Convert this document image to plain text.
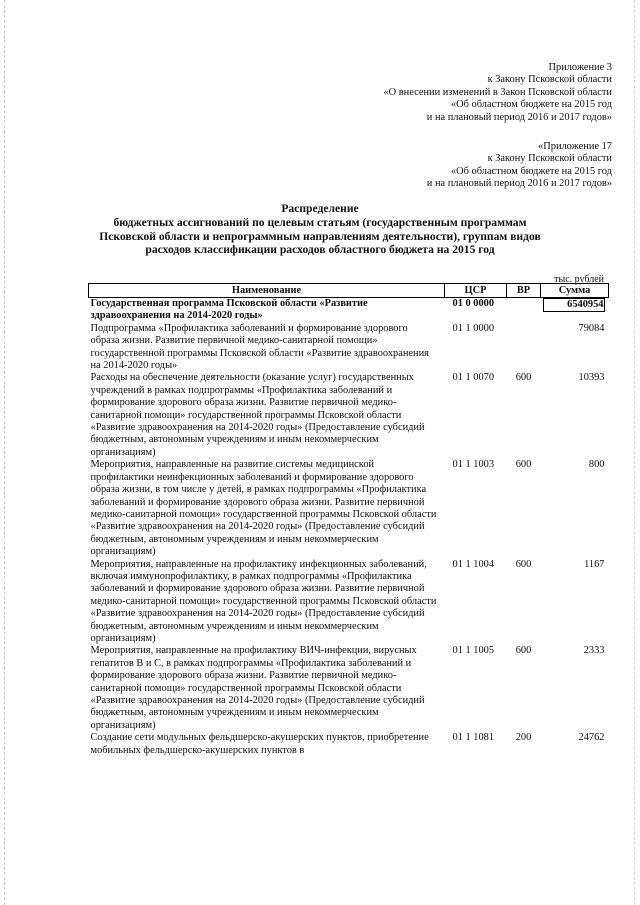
Приложение 3
к Закону Псковской области
«О внесении изменений в Закон Псковской области
«Об областном бюджете на 2015 год
и на плановый период 2016 и 2017 годов»
«Приложение 17
к Закону Псковской области
«Об областном бюджете на 2015 год
и на плановый период 2016 и 2017 годов»
Распределение
бюджетных ассигнований по целевым статьям (государственным программам
Псковской области и непрограммным направлениям деятельности), группам видов
расходов классификации расходов областного бюджета на 2015 год
тыс. рублей
Наименование	ЦСР	ВР	Сумма
Государственная программа Псковской области «Развитие здравоохранения на 2014-2020 годы»	01 0 0000		6540954

Подпрограмма «Профилактика заболеваний и формирование здорового образа жизни. Развитие первичной медико-санитарной помощи» государственной программы Псковской области «Развитие здравоохранения на 2014-2020 годы»	01 1 0000		79084
Расходы на обеспечение деятельности (оказание услуг) государственных учреждений в рамках подпрограммы «Профилактика заболеваний и формирование здорового образа жизни. Развитие первичной медико-санитарной помощи» государственной программы Псковской области «Развитие здравоохранения на 2014-2020 годы» (Предоставление субсидий бюджетным, автономным учреждениям и иным некоммерческим организациям)	01 1 0070	600	10393
Мероприятия, направленные на развитие системы медицинской профилактики неинфекционных заболеваний и формирование здорового образа жизни, в том числе у детей, в рамках подпрограммы «Профилактика заболеваний и формирование здорового образа жизни. Развитие первичной медико-санитарной помощи» государственной программы Псковской области «Развитие здравоохранения на 2014-2020 годы» (Предоставление субсидий бюджетным, автономным учреждениям и иным некоммерческим организациям)	01 1 1003	600	800
Мероприятия, направленные на профилактику инфекционных заболеваний, включая иммунопрофилактику, в рамках подпрограммы «Профилактика заболеваний и формирование здорового образа жизни. Развитие первичной медико-санитарной помощи» государственной программы Псковской области «Развитие здравоохранения на 2014-2020 годы» (Предоставление субсидий бюджетным, автономным учреждениям и иным некоммерческим организациям)	01 1 1004	600	1167
Мероприятия, направленные на профилактику ВИЧ-инфекции, вирусных гепатитов В и С, в рамках подпрограммы «Профилактика заболеваний и формирование здорового образа жизни. Развитие первичной медико-санитарной помощи» государственной программы Псковской области «Развитие здравоохранения на 2014-2020 годы» (Предоставление субсидий бюджетным, автономным учреждениям и иным некоммерческим организациям)	01 1 1005	600	2333
Создание сети модульных фельдшерско-акушерских пунктов, приобретение мобильных фельдшерско-акушерских пунктов в	01 1 1081	200	24762
